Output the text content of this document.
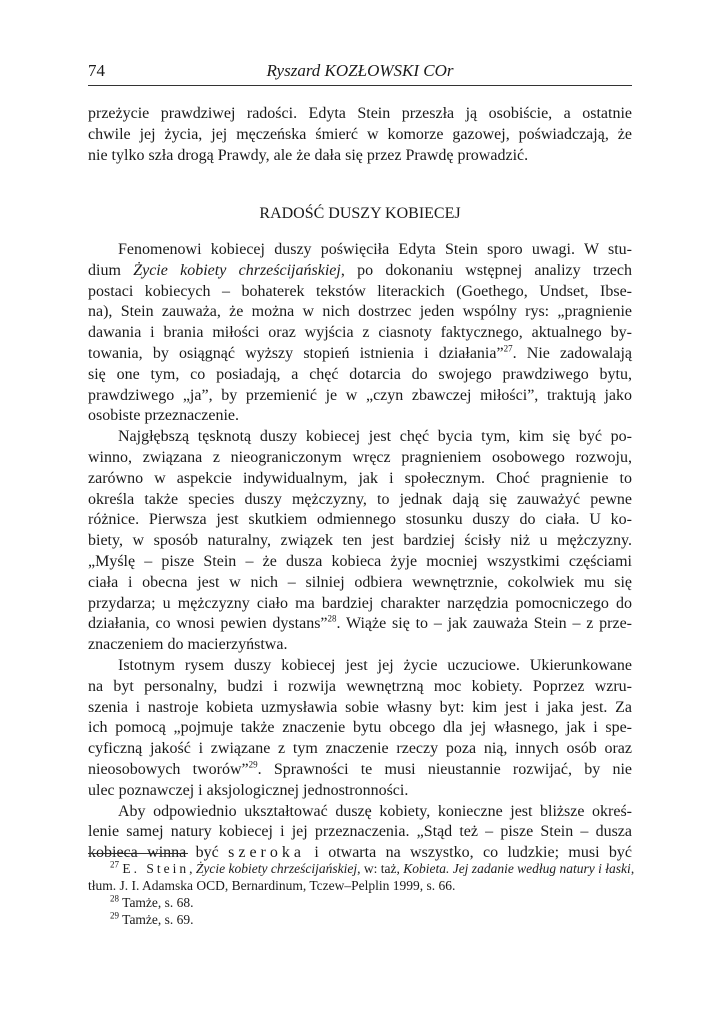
74	Ryszard KOZŁOWSKI COr
przeżycie prawdziwej radości. Edyta Stein przeszła ją osobiście, a ostatnie
chwile jej życia, jej męczeńska śmierć w komorze gazowej, poświadczają, że
nie tylko szła drogą Prawdy, ale że dała się przez Prawdę prowadzić.
RADOŚĆ DUSZY KOBIECEJ
Fenomenowi kobiecej duszy poświęciła Edyta Stein sporo uwagi. W stu-
dium Życie kobiety chrześcijańskiej, po dokonaniu wstępnej analizy trzech
postaci kobiecych – bohaterek tekstów literackich (Goethego, Undset, Ibse-
na), Stein zauważa, że można w nich dostrzec jeden wspólny rys: „pragnienie
dawania i brania miłości oraz wyjścia z ciasnoty faktycznego, aktualnego by-
towania, by osiągnąć wyższy stopień istnienia i działania”$^{27}$. Nie zadowalają
się one tym, co posiadają, a chęć dotarcia do swojego prawdziwego bytu,
prawdziwego „ja”, by przemienić je w „czyn zbawczej miłości”, traktują jako
osobiste przeznaczenie.
Najgłębszą tęsknotą duszy kobiecej jest chęć bycia tym, kim się być po-
winno, związana z nieograniczonym wręcz pragnieniem osobowego rozwoju,
zarówno w aspekcie indywidualnym, jak i społecznym. Choć pragnienie to
określa także species duszy mężczyzny, to jednak dają się zauważyć pewne
różnice. Pierwsza jest skutkiem odmiennego stosunku duszy do ciała. U ko-
biety, w sposób naturalny, związek ten jest bardziej ścisły niż u mężczyzny.
„Myślę – pisze Stein – że dusza kobieca żyje mocniej wszystkimi częściami
ciała i obecna jest w nich – silniej odbiera wewnętrznie, cokolwiek mu się
przydarza; u mężczyzny ciało ma bardziej charakter narzędzia pomocniczego do
działania, co wnosi pewien dystans”$^{28}$. Wiąże się to – jak zauważa Stein – z prze-
znaczeniem do macierzyństwa.
Istotnym rysem duszy kobiecej jest jej życie uczuciowe. Ukierunkowane
na byt personalny, budzi i rozwija wewnętrzną moc kobiety. Poprzez wzru-
szenia i nastroje kobieta uzmysławia sobie własny byt: kim jest i jaka jest. Za
ich pomocą „pojmuje także znaczenie bytu obcego dla jej własnego, jak i spe-
cyficzną jakość i związane z tym znaczenie rzeczy poza nią, innych osób oraz
nieosobowych tworów”$^{29}$. Sprawności te musi nieustannie rozwijać, by nie
ulec poznawczej i aksjologicznej jednostronności.
Aby odpowiednio ukształtować duszę kobiety, konieczne jest bliższe okreś-
lenie samej natury kobiecej i jej przeznaczenia. „Stąd też – pisze Stein – dusza
kobieca winna być szeroka i otwarta na wszystko, co ludzkie; musi być
$^{27}$ E. Stein, Życie kobiety chrześcijańskiej, w: taż, Kobieta. Jej zadanie według natury i łaski,
tłum. J. I. Adamska OCD, Bernardinum, Tczew–Pelplin 1999, s. 66.
$^{28}$ Tamże, s. 68.
$^{29}$ Tamże, s. 69.
